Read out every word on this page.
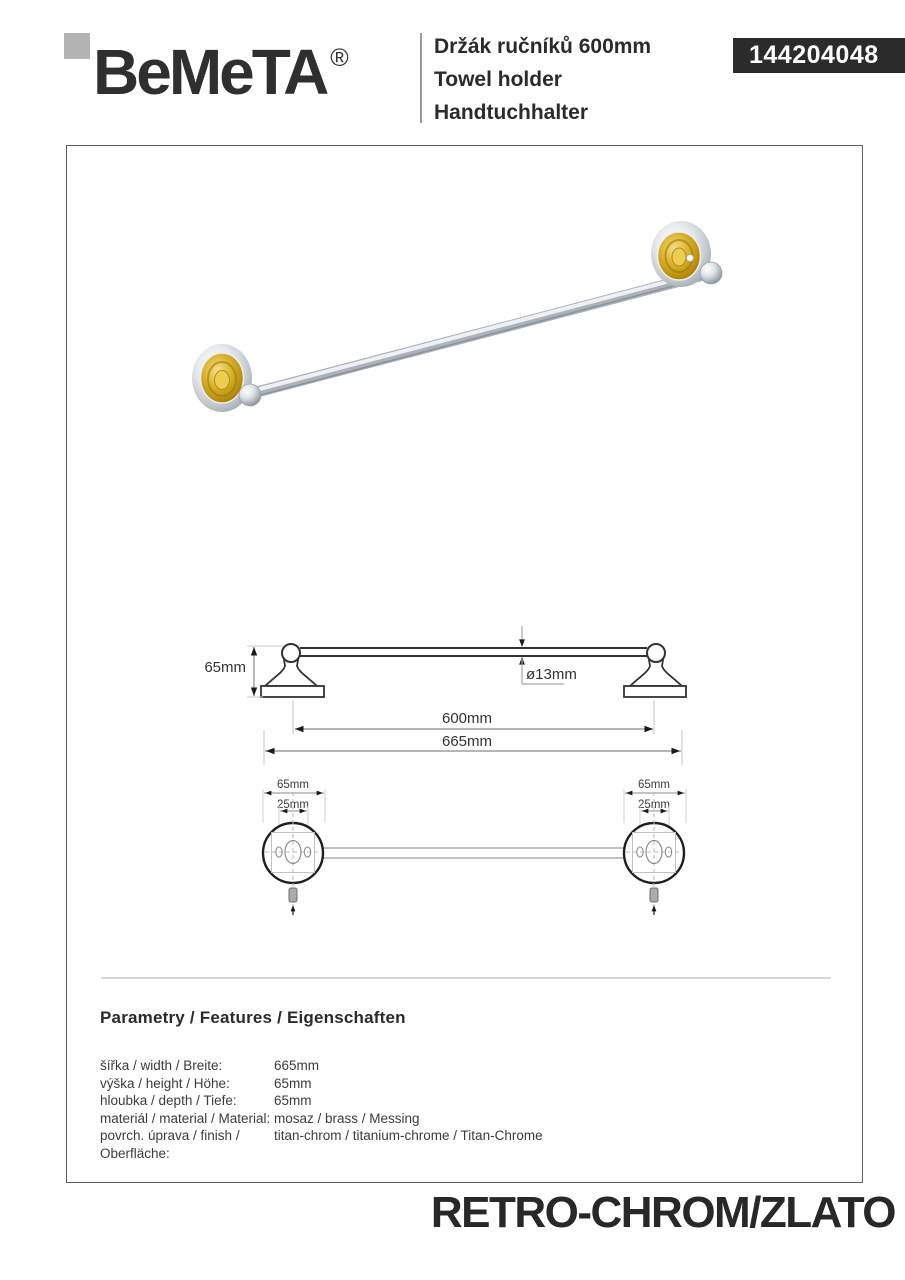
BeMeTA ®	Držák ručníků 600mm
Towel holder
Handtuchhalter
144204048
65mm	ø13mm
600mm
665mm
65mm
25mm
65mm
25mm
Parametry / Features / Eigenschaften
šířka / width / Breite:	665mm
výška / height / Höhe:	65mm
hloubka / depth / Tiefe:	65mm
materiál / material / Material: mosaz / brass / Messing
povrch. úprava / finish / Oberfläche:
titan-chrom / titanium-chrome / Titan-Chrome
RETRO-CHROM/ZLATO
